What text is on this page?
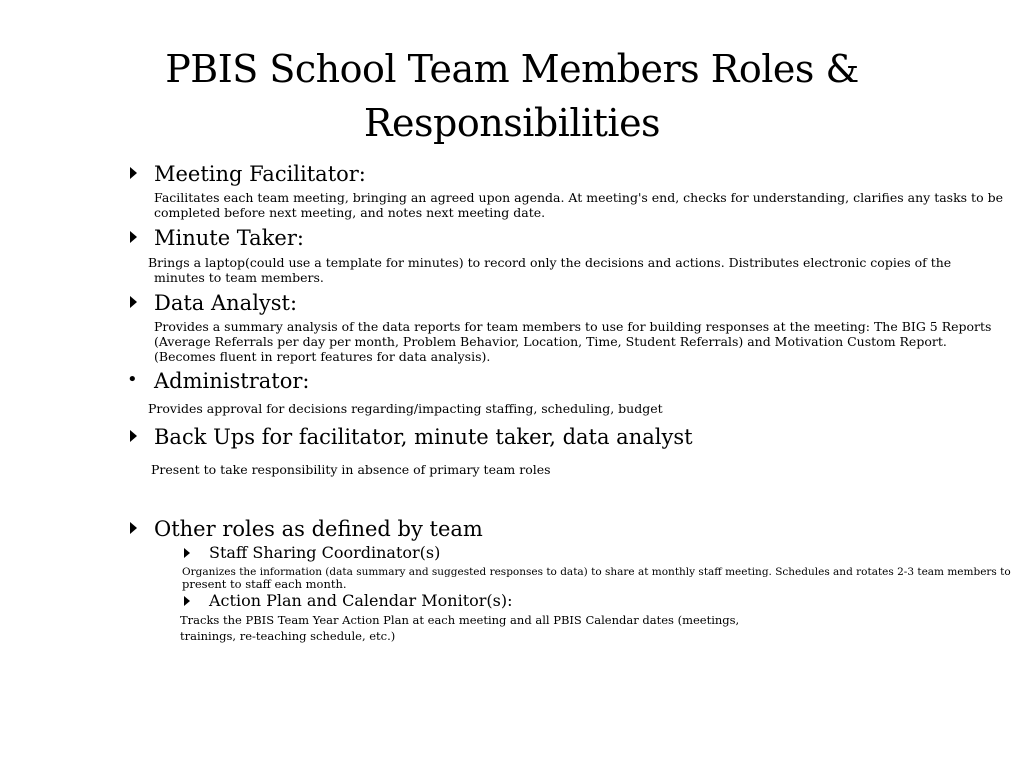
PBIS School Team Members Roles &
Responsibilities
Meeting Facilitator:
Facilitates each team meeting, bringing an agreed upon agenda. At meeting's end, checks for understanding, clarifies any tasks to be
completed before next meeting, and notes next meeting date.
Minute Taker:
Brings a laptop(could use a template for minutes) to record only the decisions and actions. Distributes electronic copies of the
minutes to team members.
Data Analyst:
Provides a summary analysis of the data reports for team members to use for building responses at the meeting: The BIG 5 Reports
(Average Referrals per day per month, Problem Behavior, Location, Time, Student Referrals) and Motivation Custom Report.
(Becomes fluent in report features for data analysis).
• Administrator:
Provides approval for decisions regarding/impacting staffing, scheduling, budget
Back Ups for facilitator, minute taker, data analyst
Present to take responsibility in absence of primary team roles
Other roles as defined by team
Staff Sharing Coordinator(s)
Organizes the information (data summary and suggested responses to data) to share at monthly staff meeting. Schedules and rotates 2-3 team members to
present to staff each month.
Action Plan and Calendar Monitor(s):
Tracks the PBIS Team Year Action Plan at each meeting and all PBIS Calendar dates (meetings,
trainings, re-teaching schedule, etc.)
